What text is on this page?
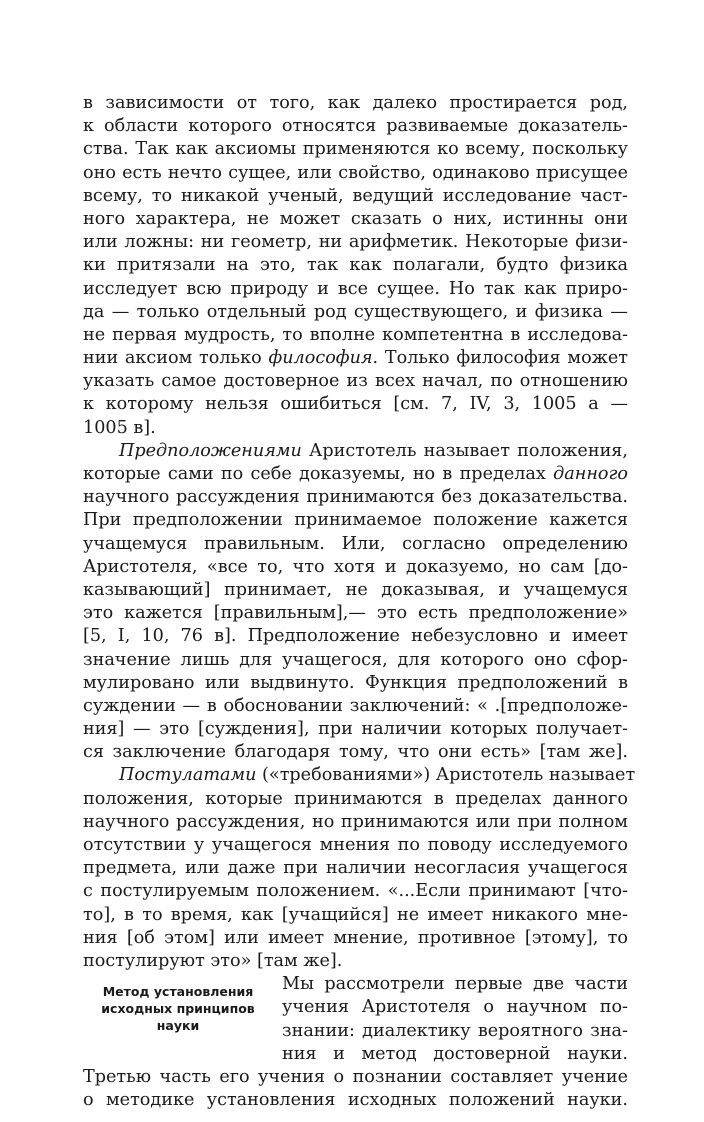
в зависимости от того, как далеко простирается род,
к области которого относятся развиваемые доказатель-
ства. Так как аксиомы применяются ко всему, поскольку
оно есть нечто сущее, или свойство, одинаково присущее
всему, то никакой ученый, ведущий исследование част-
ного характера, не может сказать о них, истинны они
или ложны: ни геометр, ни арифметик. Некоторые физи-
ки притязали на это, так как полагали, будто физика
исследует всю природу и все сущее. Но так как приро-
да — только отдельный род существующего, и физика —
не первая мудрость, то вполне компетентна в исследова-
нии аксиом только философия. Только философия может
указать самое достоверное из всех начал, по отношению
к которому нельзя ошибиться [см. 7, IV, 3, 1005 а —
1005 в].
Предположениями Аристотель называет положения,
которые сами по себе доказуемы, но в пределах данного
научного рассуждения принимаются без доказательства.
При предположении принимаемое положение кажется
учащемуся правильным. Или, согласно определению
Аристотеля, «все то, что хотя и доказуемо, но сам [до-
казывающий] принимает, не доказывая, и учащемуся
это кажется [правильным],— это есть предположение»
[5, I, 10, 76 в]. Предположение небезусловно и имеет
значение лишь для учащегося, для которого оно сфор-
мулировано или выдвинуто. Функция предположений в
суждении — в обосновании заключений: « .[предположе-
ния] — это [суждения], при наличии которых получает-
ся заключение благодаря тому, что они есть» [там же].
Постулатами («требованиями») Аристотель называет
положения, которые принимаются в пределах данного
научного рассуждения, но принимаются или при полном
отсутствии у учащегося мнения по поводу исследуемого
предмета, или даже при наличии несогласия учащегося
с постулируемым положением. «...Если принимают [что-
то], в то время, как [учащийся] не имеет никакого мне-
ния [об этом] или имеет мнение, противное [этому], то
постулируют это» [там же].
Метод установления исходных принципов науки
Мы рассмотрели первые две части
учения Аристотеля о научном по-
знании: диалектику вероятного зна-
ния и метод достоверной науки.
Третью часть его учения о познании составляет учение
о методике установления исходных положений науки.
